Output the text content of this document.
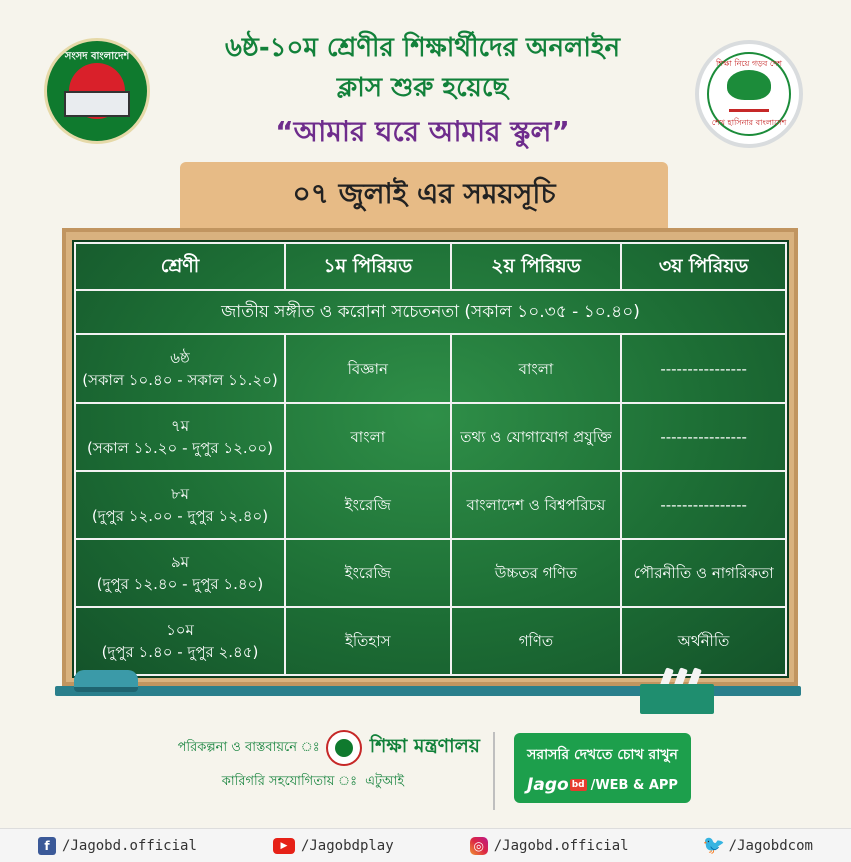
সংসদ বাংলাদেশ	৬ষ্ঠ-১০ম শ্রেণীর শিক্ষার্থীদের অনলাইন
ক্লাস শুরু হয়েছে
“আমার ঘরে আমার স্কুল”
শিক্ষা নিয়ে গড়ব দেশ
শেখ হাসিনার বাংলাদেশ
০৭ জুলাই এর সময়সূচি
শ্রেণী	১ম পিরিয়ড	২য় পিরিয়ড	৩য় পিরিয়ড
জাতীয় সঙ্গীত ও করোনা সচেতনতা (সকাল ১০.৩৫ - ১০.৪০)			

৬ষ্ঠ
(সকাল ১০.৪০ - সকাল ১১.২০)	বিজ্ঞান	বাংলা	----------------

৭ম
(সকাল ১১.২০ - দুপুর ১২.০০)	বাংলা	তথ্য ও যোগাযোগ প্রযুক্তি	----------------

৮ম
(দুপুর ১২.০০ - দুপুর ১২.৪০)	ইংরেজি	বাংলাদেশ ও বিশ্বপরিচয়	----------------

৯ম
(দুপুর ১২.৪০ - দুপুর ১.৪০)	ইংরেজি	উচ্চতর গণিত	পৌরনীতি ও নাগরিকতা

১০ম
(দুপুর ১.৪০ - দুপুর ২.৪৫)	ইতিহাস	গণিত	অর্থনীতি
পরিকল্পনা ও বাস্তবায়নে ঃ	শিক্ষা মন্ত্রণালয়
কারিগরি সহযোগিতায় ঃ এটুআই
সরাসরি দেখতে চোখ রাখুন
Jago bd /WEB & APP
f /Jagobd.official	▶ /Jagobdplay	◎ /Jagobd.official	🐦 /Jagobdcom
